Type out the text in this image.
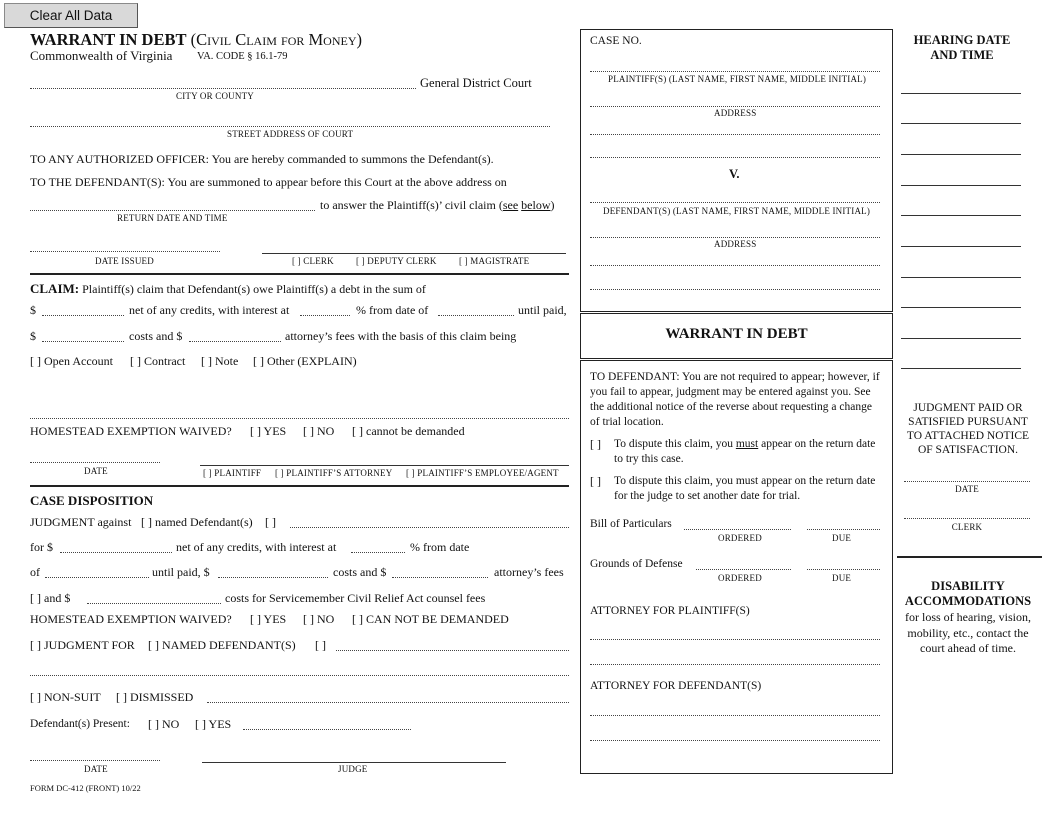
Clear All Data
WARRANT IN DEBT (Civil Claim for Money)
Commonwealth of Virginia VA. CODE § 16.1-79
General District Court
CITY OR COUNTY
STREET ADDRESS OF COURT
TO ANY AUTHORIZED OFFICER: You are hereby commanded to summons the Defendant(s).
TO THE DEFENDANT(S): You are summoned to appear before this Court at the above address on
to answer the Plaintiff(s)’ civil claim (see below)
RETURN DATE AND TIME
DATE ISSUED	[ ] CLERK [ ] DEPUTY CLERK [ ] MAGISTRATE
CLAIM: Plaintiff(s) claim that Defendant(s) owe Plaintiff(s) a debt in the sum of
$	net of any credits, with interest at	% from date of	until paid,
$	costs and $	attorney’s fees with the basis of this claim being
[ ] Open Account [ ] Contract [ ] Note [ ] Other (EXPLAIN)
HOMESTEAD EXEMPTION WAIVED? [ ] YES [ ] NO [ ] cannot be demanded
DATE	[ ] PLAINTIFF [ ] PLAINTIFF’S ATTORNEY [ ] PLAINTIFF’S EMPLOYEE/AGENT
CASE DISPOSITION
JUDGMENT against [ ] named Defendant(s) [ ]
for $	net of any credits, with interest at	% from date
of	until paid, $	costs and $	attorney’s fees
[ ] and $	costs for Servicemember Civil Relief Act counsel fees
HOMESTEAD EXEMPTION WAIVED? [ ] YES [ ] NO [ ] CAN NOT BE DEMANDED
[ ] JUDGMENT FOR [ ] NAMED DEFENDANT(S) [ ]
[ ] NON-SUIT [ ] DISMISSED
Defendant(s) Present: [ ] NO [ ] YES
DATE	JUDGE
FORM DC-412 (FRONT) 10/22
CASE NO.
PLAINTIFF(S) (LAST NAME, FIRST NAME, MIDDLE INITIAL)
ADDRESS
V.
DEFENDANT(S) (LAST NAME, FIRST NAME, MIDDLE INITIAL)
ADDRESS
WARRANT IN DEBT
TO DEFENDANT: You are not required to appear; however, if you fail to appear, judgment may be entered against you. See the additional notice of the reverse about requesting a change of trial location.
[ ] To dispute this claim, you must appear on the return date to try this case.
[ ] To dispute this claim, you must appear on the return date for the judge to set another date for trial.
Bill of Particulars
ORDERED	DUE
Grounds of Defense
ORDERED	DUE
ATTORNEY FOR PLAINTIFF(S)
ATTORNEY FOR DEFENDANT(S)
HEARING DATE AND TIME
JUDGMENT PAID OR SATISFIED PURSUANT TO ATTACHED NOTICE OF SATISFACTION.
DATE
CLERK
DISABILITY ACCOMMODATIONS
for loss of hearing, vision, mobility, etc., contact the court ahead of time.
